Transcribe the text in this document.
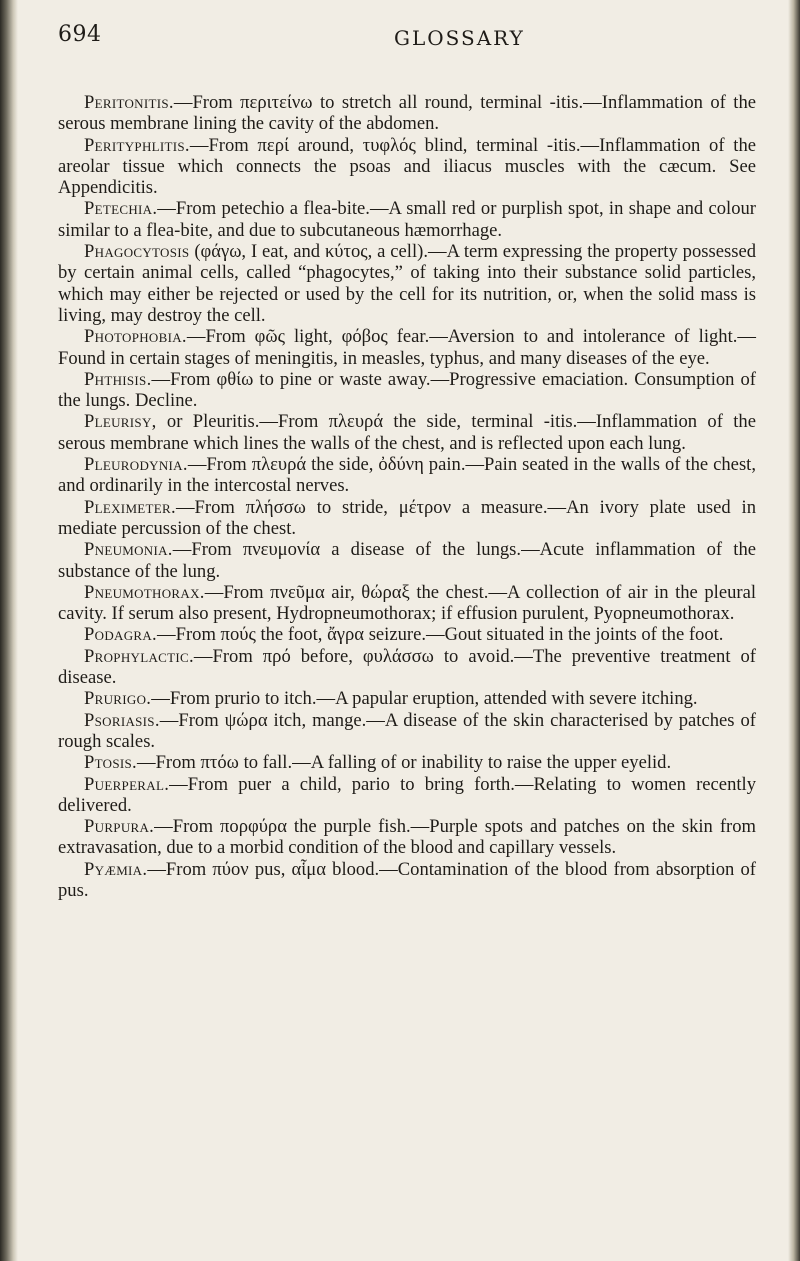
694	GLOSSARY

Peritonitis.—From περιτείνω to stretch all round, terminal -itis.—Inflammation of the serous membrane lining the cavity of the abdomen.

Perityphlitis.—From περί around, τυφλός blind, terminal -itis.—Inflammation of the areolar tissue which connects the psoas and iliacus muscles with the cæcum. See Appendicitis.

Petechia.—From petechio a flea-bite.—A small red or purplish spot, in shape and colour similar to a flea-bite, and due to subcutaneous hæmorrhage.

Phagocytosis (φάγω, I eat, and κύτος, a cell).—A term expressing the property possessed by certain animal cells, called “phagocytes,” of taking into their substance solid particles, which may either be rejected or used by the cell for its nutrition, or, when the solid mass is living, may destroy the cell.

Photophobia.—From φῶς light, φόβος fear.—Aversion to and intolerance of light.—Found in certain stages of meningitis, in measles, typhus, and many diseases of the eye.

Phthisis.—From φθίω to pine or waste away.—Progressive emaciation. Consumption of the lungs. Decline.

Pleurisy, or Pleuritis.—From πλευρά the side, terminal -itis.—Inflammation of the serous membrane which lines the walls of the chest, and is reflected upon each lung.

Pleurodynia.—From πλευρά the side, ὀδύνη pain.—Pain seated in the walls of the chest, and ordinarily in the intercostal nerves.

Pleximeter.—From πλήσσω to stride, μέτρον a measure.—An ivory plate used in mediate percussion of the chest.

Pneumonia.—From πνευμονία a disease of the lungs.—Acute inflammation of the substance of the lung.

Pneumothorax.—From πνεῦμα air, θώραξ the chest.—A collection of air in the pleural cavity. If serum also present, Hydropneumothorax; if effusion purulent, Pyopneumothorax.

Podagra.—From πούς the foot, ἄγρα seizure.—Gout situated in the joints of the foot.

Prophylactic.—From πρό before, φυλάσσω to avoid.—The preventive treatment of disease.

Prurigo.—From prurio to itch.—A papular eruption, attended with severe itching.

Psoriasis.—From ψώρα itch, mange.—A disease of the skin characterised by patches of rough scales.

Ptosis.—From πτόω to fall.—A falling of or inability to raise the upper eyelid.

Puerperal.—From puer a child, pario to bring forth.—Relating to women recently delivered.

Purpura.—From πορφύρα the purple fish.—Purple spots and patches on the skin from extravasation, due to a morbid condition of the blood and capillary vessels.

Pyæmia.—From πύον pus, αἷμα blood.—Contamination of the blood from absorption of pus.
